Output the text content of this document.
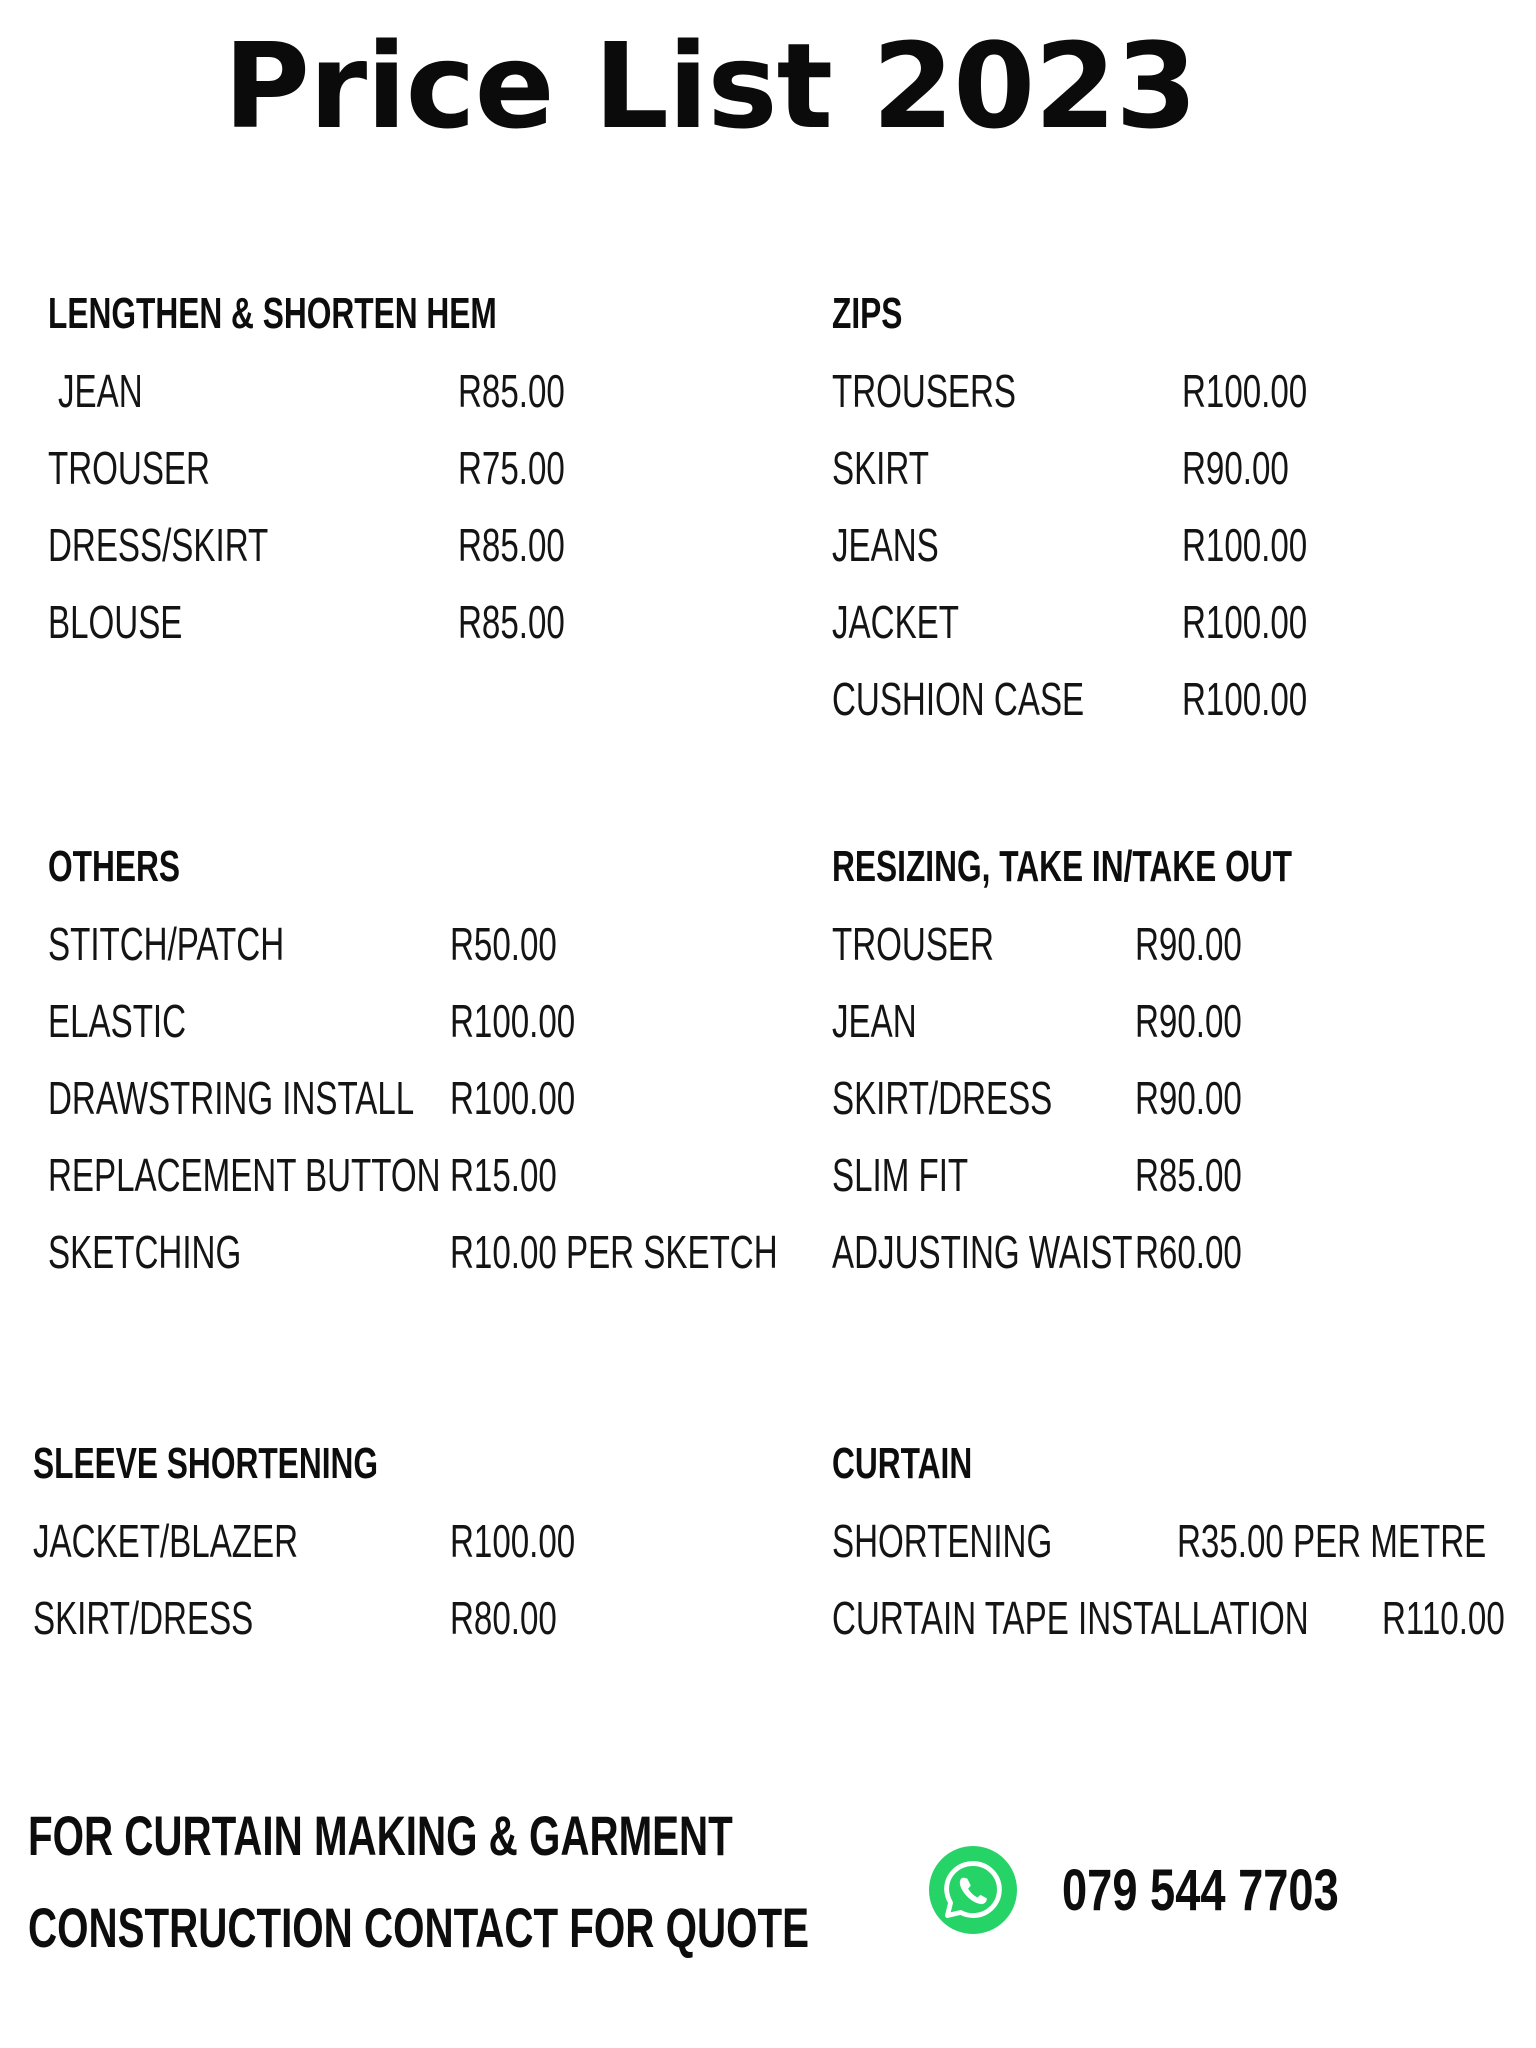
Price List 2023
LENGTHEN & SHORTEN HEM
JEAN	R85.00
TROUSER	R75.00
DRESS/SKIRT	R85.00
BLOUSE	R85.00
ZIPS
TROUSERS	R100.00
SKIRT	R90.00
JEANS	R100.00
JACKET	R100.00
CUSHION CASE R100.00
OTHERS
STITCH/PATCH	R50.00
ELASTIC	R100.00
DRAWSTRING INSTALL R100.00
REPLACEMENT BUTTON R15.00
SKETCHING	R10.00 PER SKETCH
RESIZING, TAKE IN/TAKE OUT
TROUSER	R90.00
JEAN	R90.00
SKIRT/DRESS R90.00
SLIM FIT	R85.00
ADJUSTING WAIST R60.00
SLEEVE SHORTENING
JACKET/BLAZER	R100.00
SKIRT/DRESS	R80.00
CURTAIN
SHORTENING	R35.00 PER METRE
CURTAIN TAPE INSTALLATION R110.00
FOR CURTAIN MAKING & GARMENT
CONSTRUCTION CONTACT FOR QUOTE
079 544 7703
